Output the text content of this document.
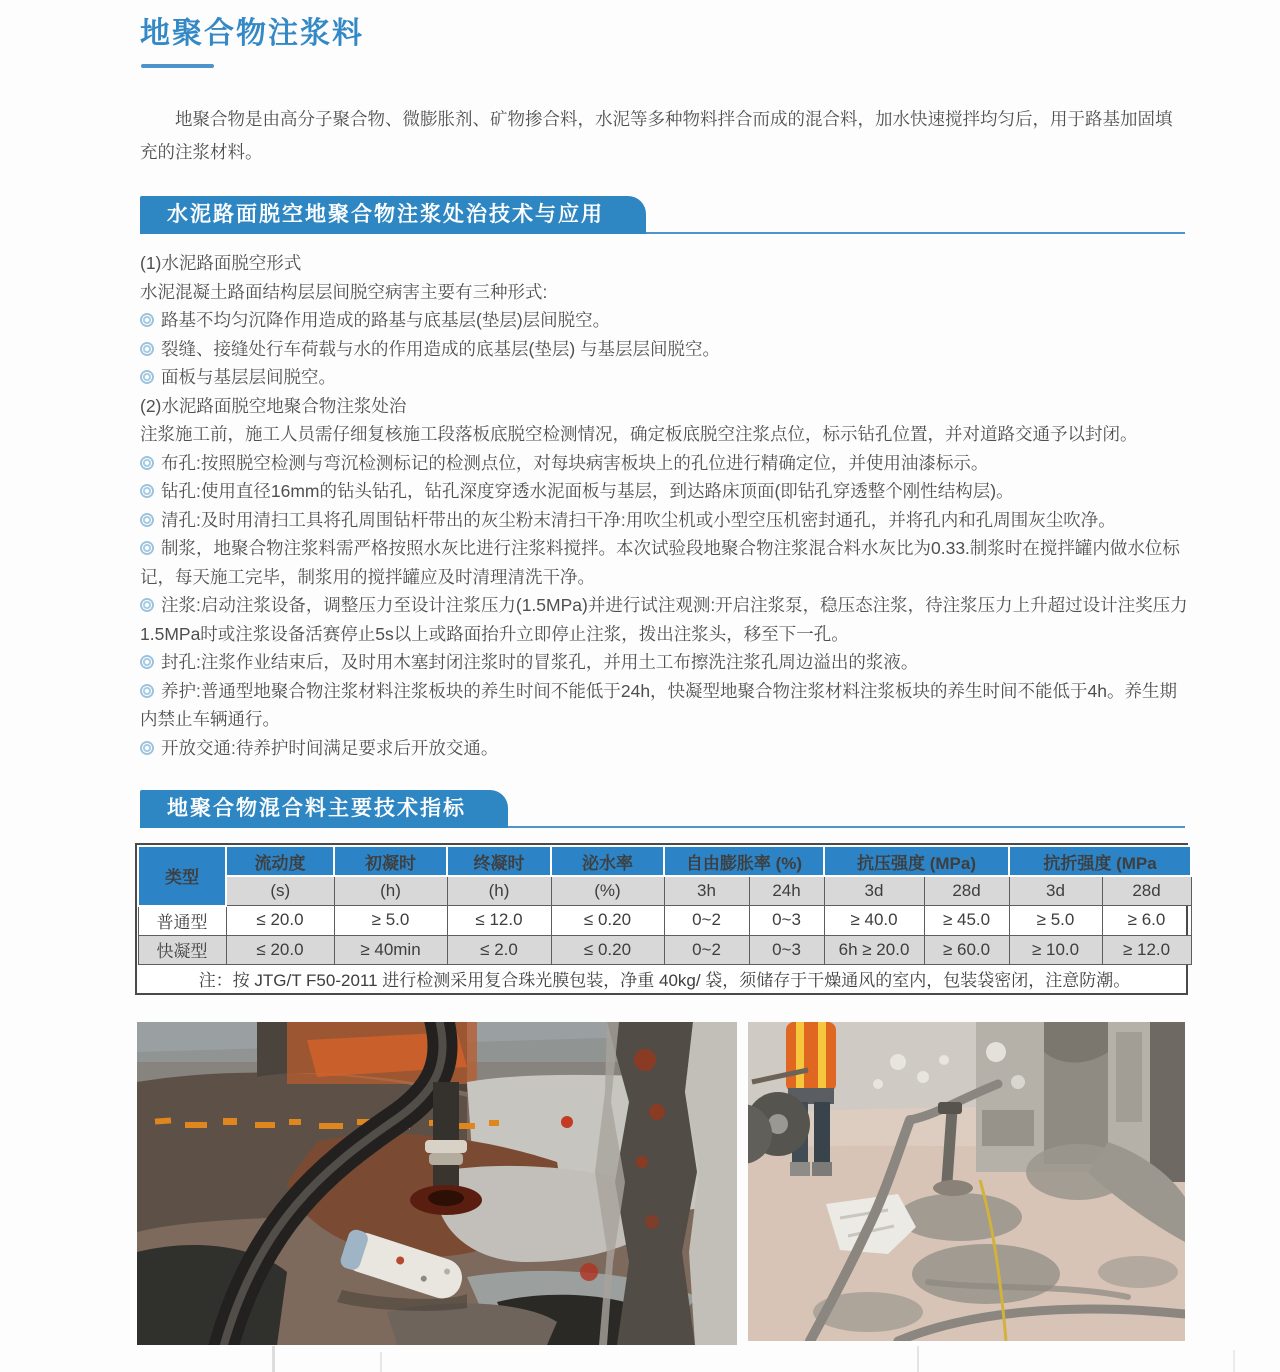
地聚合物注浆料

地聚合物是由高分子聚合物、微膨胀剂、矿物掺合料，水泥等多种物料拌合而成的混合料，加水快速搅拌均匀后，用于路基加固填充的注浆材料。

水泥路面脱空地聚合物注浆处治技术与应用

(1)水泥路面脱空形式

水泥混凝土路面结构层层间脱空病害主要有三种形式:

路基不均匀沉降作用造成的路基与底基层(垫层)层间脱空。

裂缝、接缝处行车荷载与水的作用造成的底基层(垫层) 与基层层间脱空。

面板与基层层间脱空。

(2)水泥路面脱空地聚合物注浆处治

注浆施工前，施工人员需仔细复核施工段落板底脱空检测情况，确定板底脱空注浆点位，标示钻孔位置，并对道路交通予以封闭。

布孔:按照脱空检测与弯沉检测标记的检测点位，对每块病害板块上的孔位进行精确定位，并使用油漆标示。

钻孔:使用直径16mm的钻头钻孔，钻孔深度穿透水泥面板与基层，到达路床顶面(即钻孔穿透整个刚性结构层)。

清孔:及时用清扫工具将孔周围钻杆带出的灰尘粉末清扫干净:用吹尘机或小型空压机密封通孔，并将孔内和孔周围灰尘吹净。

制浆，地聚合物注浆料需严格按照水灰比进行注浆料搅拌。本次试验段地聚合物注浆混合料水灰比为0.33.制浆时在搅拌罐内做水位标记，每天施工完毕，制浆用的搅拌罐应及时清理清洗干净。

注浆:启动注浆设备，调整压力至设计注浆压力(1.5MPa)并进行试注观测:开启注浆泵，稳压态注浆，待注浆压力上升超过设计注奖压力1.5MPa时或注浆设备活赛停止5s以上或路面抬升立即停止注浆，拨出注浆头，移至下一孔。

封孔:注浆作业结束后，及时用木塞封闭注浆时的冒浆孔，并用土工布擦洗注浆孔周边溢出的浆液。

养护:普通型地聚合物注浆材料注浆板块的养生时间不能低于24h，快凝型地聚合物注浆材料注浆板块的养生时间不能低于4h。养生期内禁止车辆通行。

开放交通:待养护时间满足要求后开放交通。

地聚合物混合料主要技术指标
类型	流动度	初凝时	终凝时	泌水率	自由膨胀率 (%)		抗压强度 (MPa)		抗折强度 (MPa	
	(s)	(h)	(h)	(%)	3h	24h	3d	28d	3d	28d
普通型	≤ 20.0	≥ 5.0	≤ 12.0	≤ 0.20	0~2	0~3	≥ 40.0	≥ 45.0	≥ 5.0	≥ 6.0
快凝型	≤ 20.0	≥ 40min	≤ 2.0	≤ 0.20	0~2	0~3	6h ≥ 20.0	≥ 60.0	≥ 10.0	≥ 12.0
注：按 JTG/T F50-2011 进行检测采用复合珠光膜包装，净重 40kg/ 袋，须储存于干燥通风的室内，包装袋密闭，注意防潮。										
